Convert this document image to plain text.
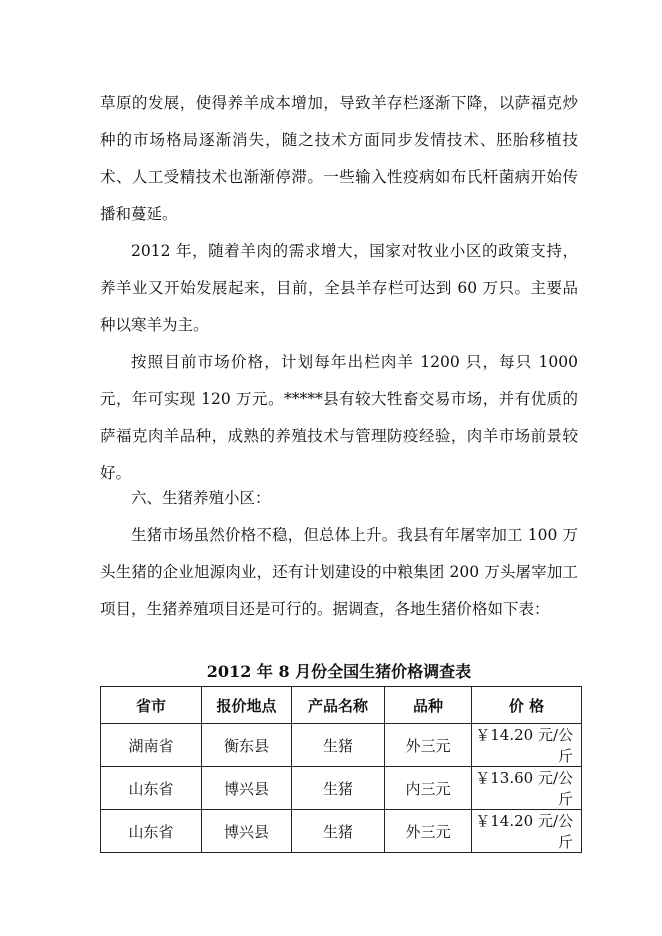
草原的发展，使得养羊成本增加，导致羊存栏逐渐下降，以萨福克炒种的市场格局逐渐消失，随之技术方面同步发情技术、胚胎移植技术、人工受精技术也渐渐停滞。一些输入性疫病如布氏杆菌病开始传播和蔓延。

2012 年，随着羊肉的需求增大，国家对牧业小区的政策支持，养羊业又开始发展起来，目前，全县羊存栏可达到 60 万只。主要品种以寒羊为主。

按照目前市场价格，计划每年出栏肉羊 1200 只，每只 1000 元，年可实现 120 万元。*****县有较大牲畜交易市场，并有优质的萨福克肉羊品种，成熟的养殖技术与管理防疫经验，肉羊市场前景较好。

六、生猪养殖小区：

生猪市场虽然价格不稳，但总体上升。我县有年屠宰加工 100 万头生猪的企业旭源肉业，还有计划建设的中粮集团 200 万头屠宰加工项目，生猪养殖项目还是可行的。据调查，各地生猪价格如下表：

2012 年 8 月份全国生猪价格调查表
省市	报价地点	产品名称	品种	价 格
湖南省	衡东县	生猪	外三元	￥14.20 元/公斤
山东省	博兴县	生猪	内三元	￥13.60 元/公斤
山东省	博兴县	生猪	外三元	￥14.20 元/公斤
